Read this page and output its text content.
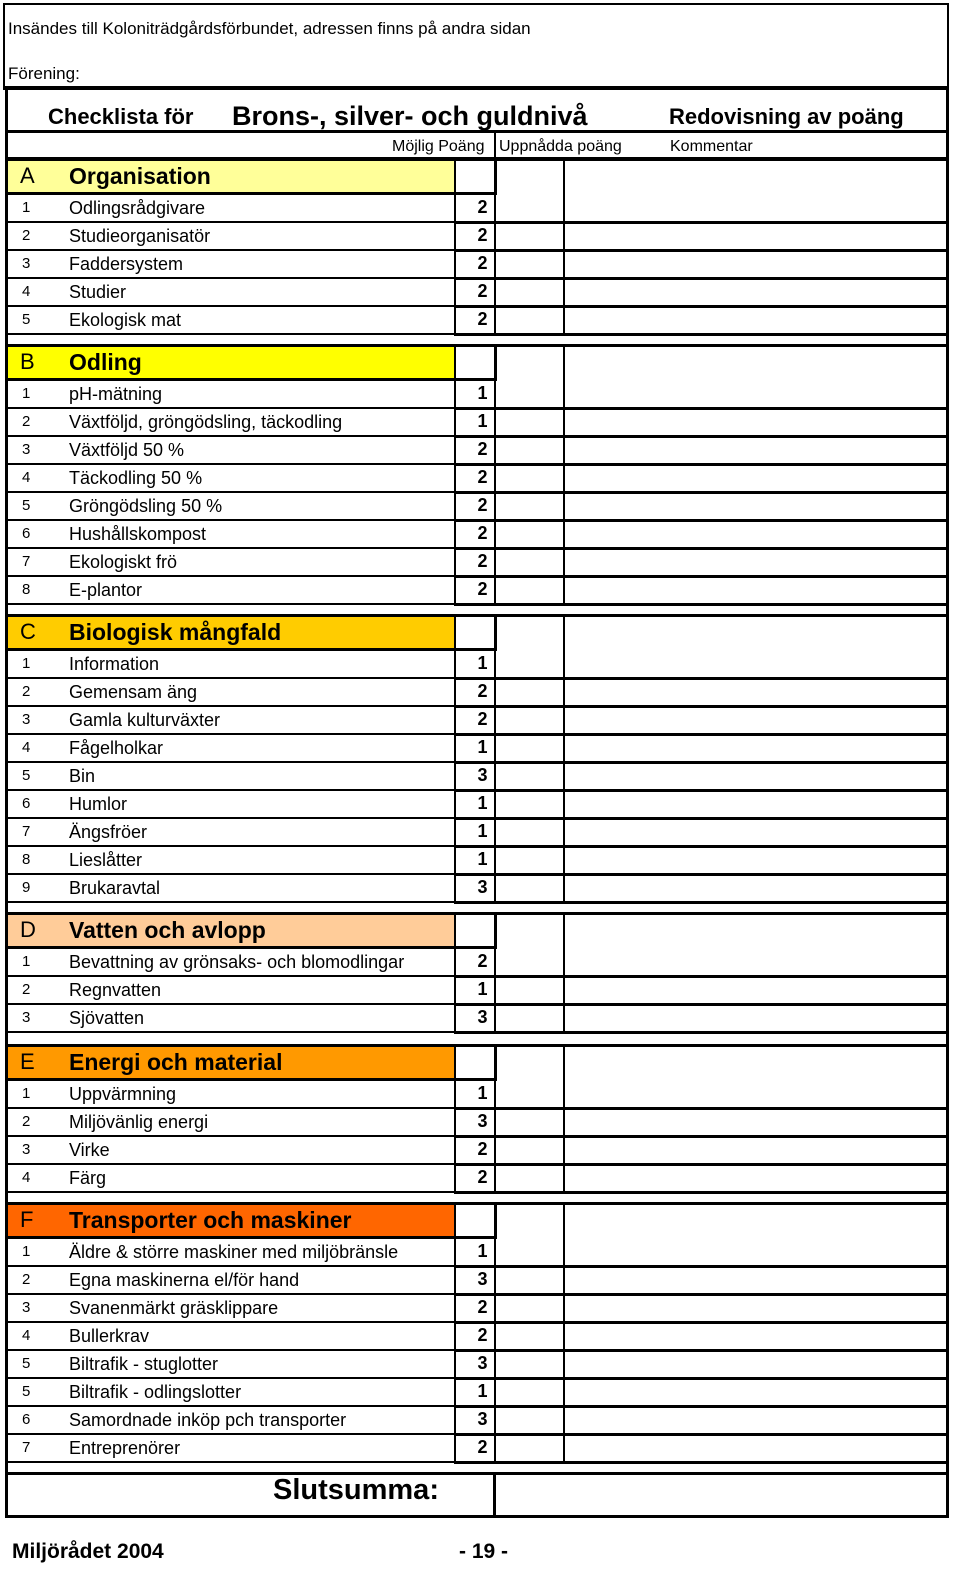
Insändes till Koloniträdgårdsförbundet, adressen finns på andra sidan
Förening:
Checklista för Brons-, silver- och guldnivå	Redovisning av poäng
Möjlig Poäng Uppnådda poäng	Kommentar
A Organisation
1 Odlingsrådgivare	2
2 Studieorganisatör	2
3 Faddersystem	2
4 Studier	2
5 Ekologisk mat	2
B Odling
1 pH-mätning	1
2 Växtföljd, gröngödsling, täckodling	1
3 Växtföljd 50 %	2
4 Täckodling 50 %	2
5 Gröngödsling 50 %	2
6 Hushållskompost	2
7 Ekologiskt frö	2
8 E-plantor	2
C Biologisk mångfald
1 Information	1
2 Gemensam äng	2
3 Gamla kulturväxter	2
4 Fågelholkar	1
5 Bin	3
6 Humlor	1
7 Ängsfröer	1
8 Lieslåtter	1
9 Brukaravtal	3
D Vatten och avlopp
1 Bevattning av grönsaks- och blomodlingar	2
2 Regnvatten	1
3 Sjövatten	3
E Energi och material
1 Uppvärmning	1
2 Miljövänlig energi	3
3 Virke	2
4 Färg	2
F Transporter och maskiner
1 Äldre & större maskiner med miljöbränsle	1
2 Egna maskinerna el/för hand	3
3 Svanenmärkt gräsklippare	2
4 Bullerkrav	2
5 Biltrafik - stuglotter	3
5 Biltrafik - odlingslotter	1
6 Samordnade inköp pch transporter	3
7 Entreprenörer	2
Slutsumma:
Miljörådet 2004	- 19 -
